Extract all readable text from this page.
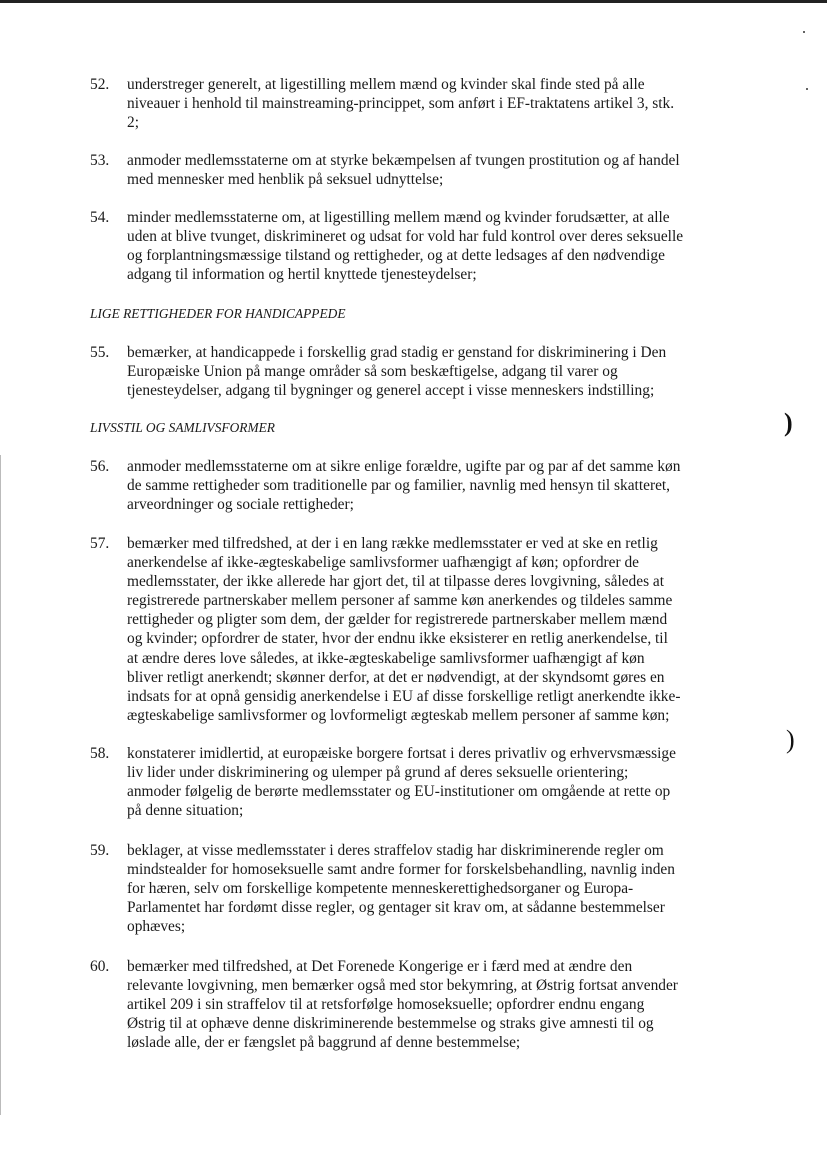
52.	understreger generelt, at ligestilling mellem mænd og kvinder skal finde sted på alle
niveauer i henhold til mainstreaming-princippet, som anført i EF-traktatens artikel 3, stk.
2;
53.	anmoder medlemsstaterne om at styrke bekæmpelsen af tvungen prostitution og af handel
med mennesker med henblik på seksuel udnyttelse;
54.	minder medlemsstaterne om, at ligestilling mellem mænd og kvinder forudsætter, at alle
uden at blive tvunget, diskrimineret og udsat for vold har fuld kontrol over deres seksuelle
og forplantningsmæssige tilstand og rettigheder, og at dette ledsages af den nødvendige
adgang til information og hertil knyttede tjenesteydelser;
LIGE RETTIGHEDER FOR HANDICAPPEDE
55.	bemærker, at handicappede i forskellig grad stadig er genstand for diskriminering i Den
Europæiske Union på mange områder så som beskæftigelse, adgang til varer og
tjenesteydelser, adgang til bygninger og generel accept i visse menneskers indstilling;
LIVSSTIL OG SAMLIVSFORMER
56.	anmoder medlemsstaterne om at sikre enlige forældre, ugifte par og par af det samme køn
de samme rettigheder som traditionelle par og familier, navnlig med hensyn til skatteret,
arveordninger og sociale rettigheder;
57.	bemærker med tilfredshed, at der i en lang række medlemsstater er ved at ske en retlig
anerkendelse af ikke-ægteskabelige samlivsformer uafhængigt af køn; opfordrer de
medlemsstater, der ikke allerede har gjort det, til at tilpasse deres lovgivning, således at
registrerede partnerskaber mellem personer af samme køn anerkendes og tildeles samme
rettigheder og pligter som dem, der gælder for registrerede partnerskaber mellem mænd
og kvinder; opfordrer de stater, hvor der endnu ikke eksisterer en retlig anerkendelse, til
at ændre deres love således, at ikke-ægteskabelige samlivsformer uafhængigt af køn
bliver retligt anerkendt; skønner derfor, at det er nødvendigt, at der skyndsomt gøres en
indsats for at opnå gensidig anerkendelse i EU af disse forskellige retligt anerkendte ikke-
ægteskabelige samlivsformer og lovformeligt ægteskab mellem personer af samme køn;
58.	konstaterer imidlertid, at europæiske borgere fortsat i deres privatliv og erhvervsmæssige
liv lider under diskriminering og ulemper på grund af deres seksuelle orientering;
anmoder følgelig de berørte medlemsstater og EU-institutioner om omgående at rette op
på denne situation;
59.	beklager, at visse medlemsstater i deres straffelov stadig har diskriminerende regler om
mindstealder for homoseksuelle samt andre former for forskelsbehandling, navnlig inden
for hæren, selv om forskellige kompetente menneskerettighedsorganer og Europa-
Parlamentet har fordømt disse regler, og gentager sit krav om, at sådanne bestemmelser
ophæves;
60.	bemærker med tilfredshed, at Det Forenede Kongerige er i færd med at ændre den
relevante lovgivning, men bemærker også med stor bekymring, at Østrig fortsat anvender
artikel 209 i sin straffelov til at retsforfølge homoseksuelle; opfordrer endnu engang
Østrig til at ophæve denne diskriminerende bestemmelse og straks give amnesti til og
løslade alle, der er fængslet på baggrund af denne bestemmelse;
)
)
